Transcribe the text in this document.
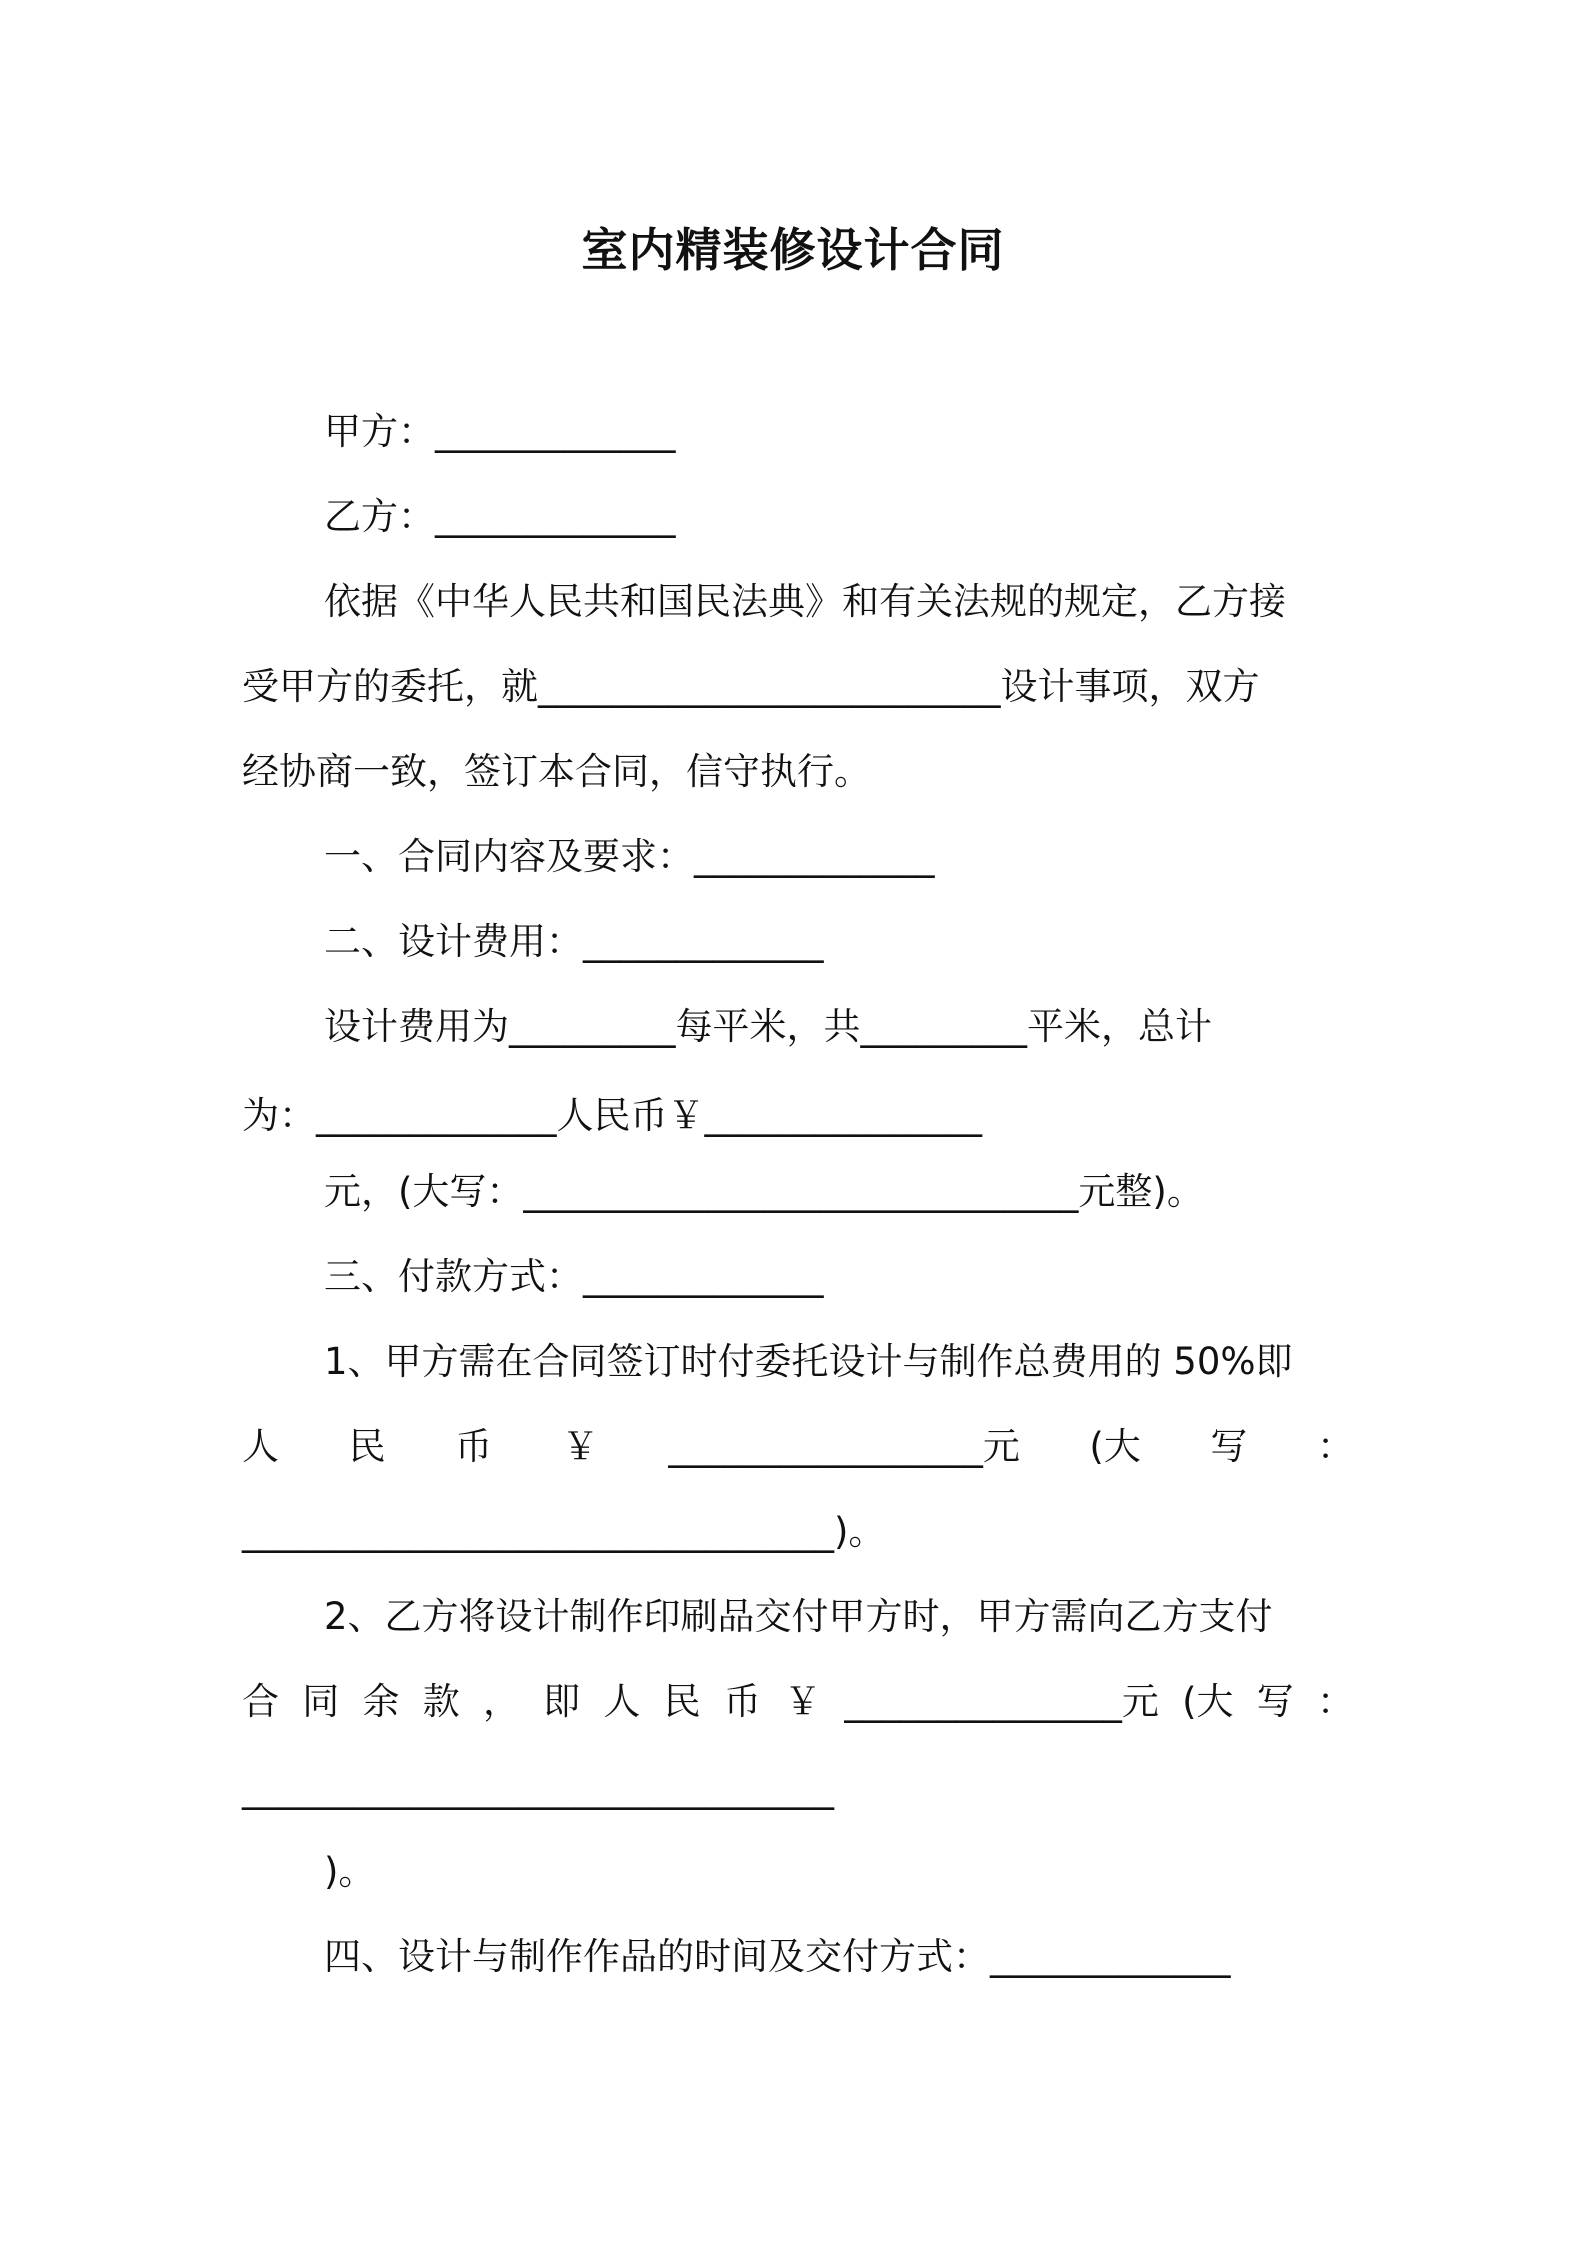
室内精装修设计合同
甲方：_____________
乙方：_____________
依据《中华人民共和国民法典》和有关法规的规定，乙方接
受甲方的委托，就_________________________设计事项，双方
经协商一致，签订本合同，信守执行。
一、合同内容及要求：_____________
二、设计费用：_____________
设计费用为_________每平米，共_________平米，总计
为：_____________人民币￥_______________
元，(大写：______________________________元整)。
三、付款方式：_____________
1、甲方需在合同签订时付委托设计与制作总费用的 50%即
人 民 币 ￥ _________________元 (大 写 ：
________________________________)。
2、乙方将设计制作印刷品交付甲方时，甲方需向乙方支付
合 同 余 款 ， 即 人 民 币 ￥ _______________元 (大 写 ：
________________________________
)。
四、设计与制作作品的时间及交付方式：_____________
